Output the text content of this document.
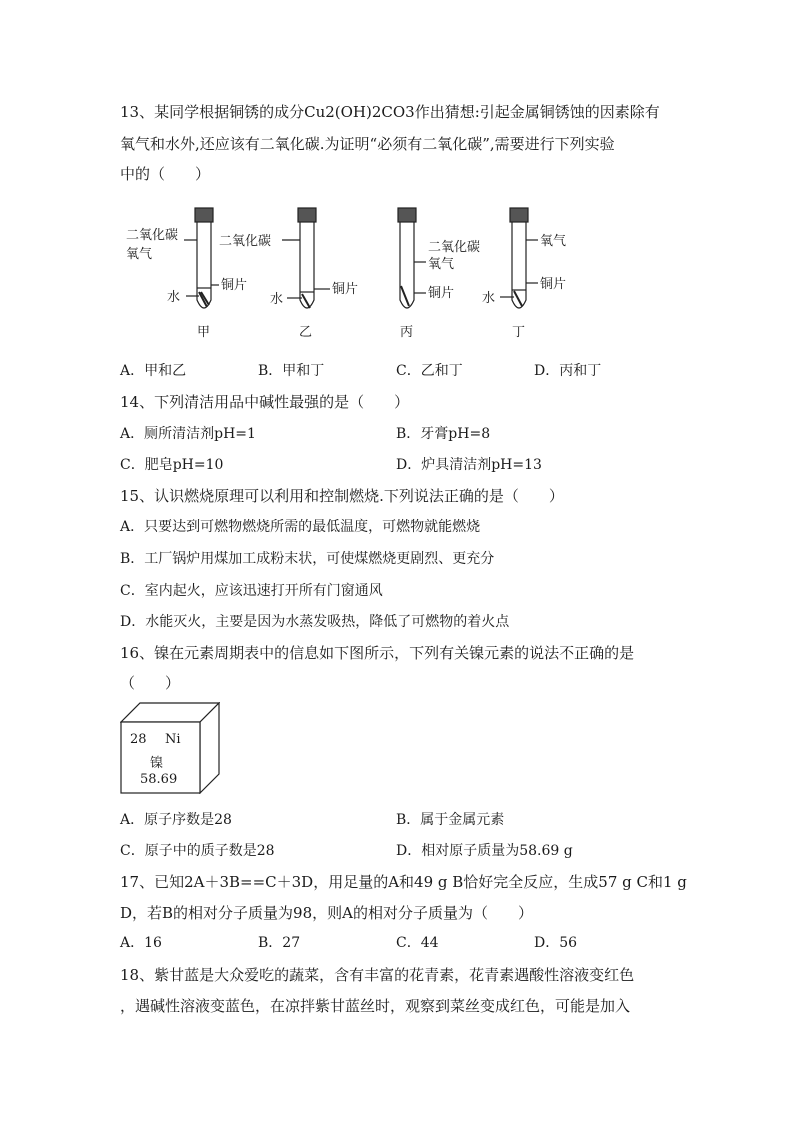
13、某同学根据铜锈的成分Cu2(OH)2CO3作出猜想:引起金属铜锈蚀的因素除有
氧气和水外,还应该有二氧化碳.为证明“必须有二氧化碳”,需要进行下列实验
中的（　　）
二氧化碳
氧气
铜片
水
甲
二氧化碳
铜片
水
乙
二氧化碳
氧气
铜片
丙
氧气
铜片
水
丁
A．甲和乙	B．甲和丁	C．乙和丁	D．丙和丁
14、下列清洁用品中碱性最强的是（　　）
A．厕所清洁剂pH=1	B．牙膏pH=8
C．肥皂pH=10	D．炉具清洁剂pH=13
15、认识燃烧原理可以利用和控制燃烧.下列说法正确的是（　　）
A．只要达到可燃物燃烧所需的最低温度，可燃物就能燃烧
B．工厂锅炉用煤加工成粉末状，可使煤燃烧更剧烈、更充分
C．室内起火，应该迅速打开所有门窗通风
D．水能灭火，主要是因为水蒸发吸热，降低了可燃物的着火点
16、镍在元素周期表中的信息如下图所示，下列有关镍元素的说法不正确的是
（　　）
28 Ni
镍
58.69
A．原子序数是28	B．属于金属元素
C．原子中的质子数是28	D．相对原子质量为58.69 g
17、已知2A＋3B==C＋3D，用足量的A和49 g B恰好完全反应，生成57 g C和1 g
D，若B的相对分子质量为98，则A的相对分子质量为（　　）
A．16	B．27	C．44	D．56
18、紫甘蓝是大众爱吃的蔬菜，含有丰富的花青素，花青素遇酸性溶液变红色
，遇碱性溶液变蓝色，在凉拌紫甘蓝丝时，观察到菜丝变成红色，可能是加入
